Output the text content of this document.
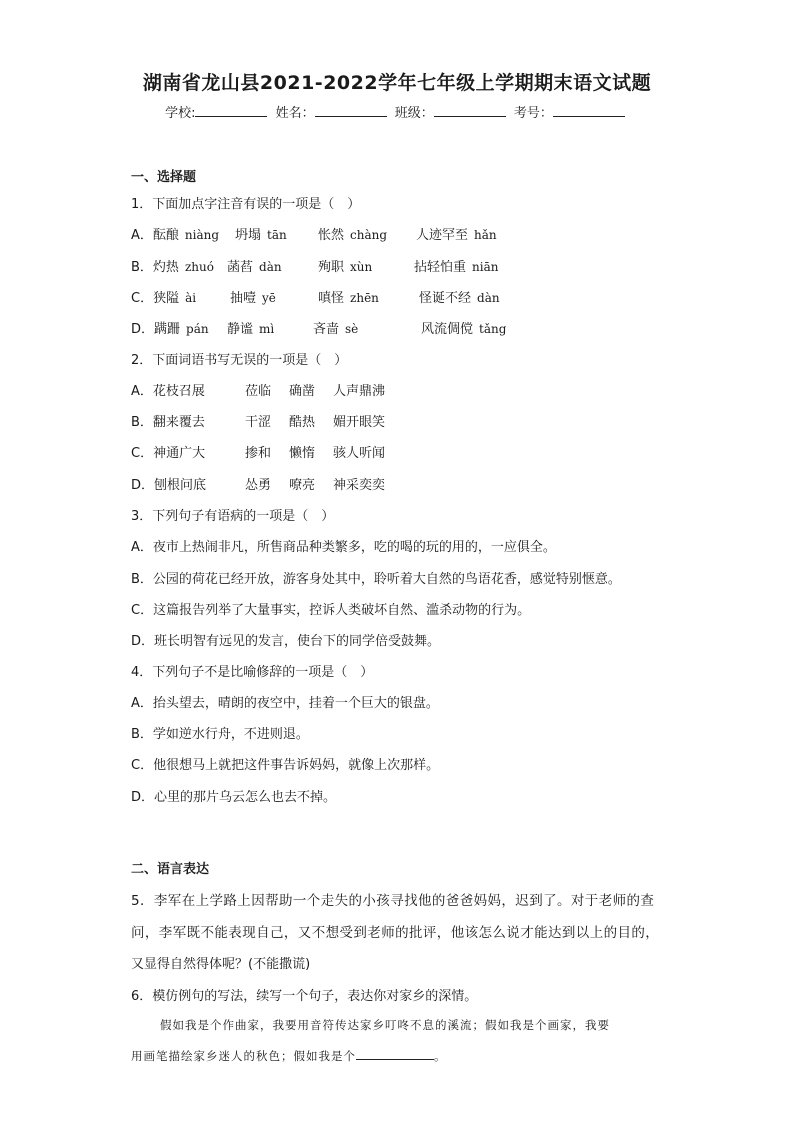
湖南省龙山县2021-2022学年七年级上学期期末语文试题
学校:	姓名：	班级：	考号：
一、选择题
1．下面加点字注音有误的一项是（　）
A．酝酿 niàng 坍塌 tān 怅然 chàng 人迹罕至 hǎn
B．灼热 zhuó 菡萏 dàn	殉职 xùn	拈轻怕重 niān
C．狭隘 ài	抽噎 yē	嗔怪 zhēn	怪诞不经 dàn
D．蹒跚 pán 静谧 mì	吝啬 sè	风流倜傥 tǎng
2．下面词语书写无误的一项是（　）
A．花枝召展	莅临 确凿 人声鼎沸
B．翻来覆去	干涩 酷热 媚开眼笑
C．神通广大	掺和 懒惰 骇人听闻
D．刨根问底	怂勇 嘹亮 神采奕奕
3．下列句子有语病的一项是（　）
A．夜市上热闹非凡，所售商品种类繁多，吃的喝的玩的用的，一应俱全。
B．公园的荷花已经开放，游客身处其中，聆听着大自然的鸟语花香，感觉特别惬意。
C．这篇报告列举了大量事实，控诉人类破坏自然、滥杀动物的行为。
D．班长明智有远见的发言，使台下的同学倍受鼓舞。
4．下列句子不是比喻修辞的一项是（　）
A．抬头望去，晴朗的夜空中，挂着一个巨大的银盘。
B．学如逆水行舟，不进则退。
C．他很想马上就把这件事告诉妈妈，就像上次那样。
D．心里的那片乌云怎么也去不掉。
二、语言表达
5．李军在上学路上因帮助一个走失的小孩寻找他的爸爸妈妈，迟到了。对于老师的查
问，李军既不能表现自己，又不想受到老师的批评，他该怎么说才能达到以上的目的，
又显得自然得体呢？(不能撒谎)
6．模仿例句的写法，续写一个句子，表达你对家乡的深情。
假如我是个作曲家，我要用音符传达家乡叮咚不息的溪流；假如我是个画家，我要
用画笔描绘家乡迷人的秋色；假如我是个	。
